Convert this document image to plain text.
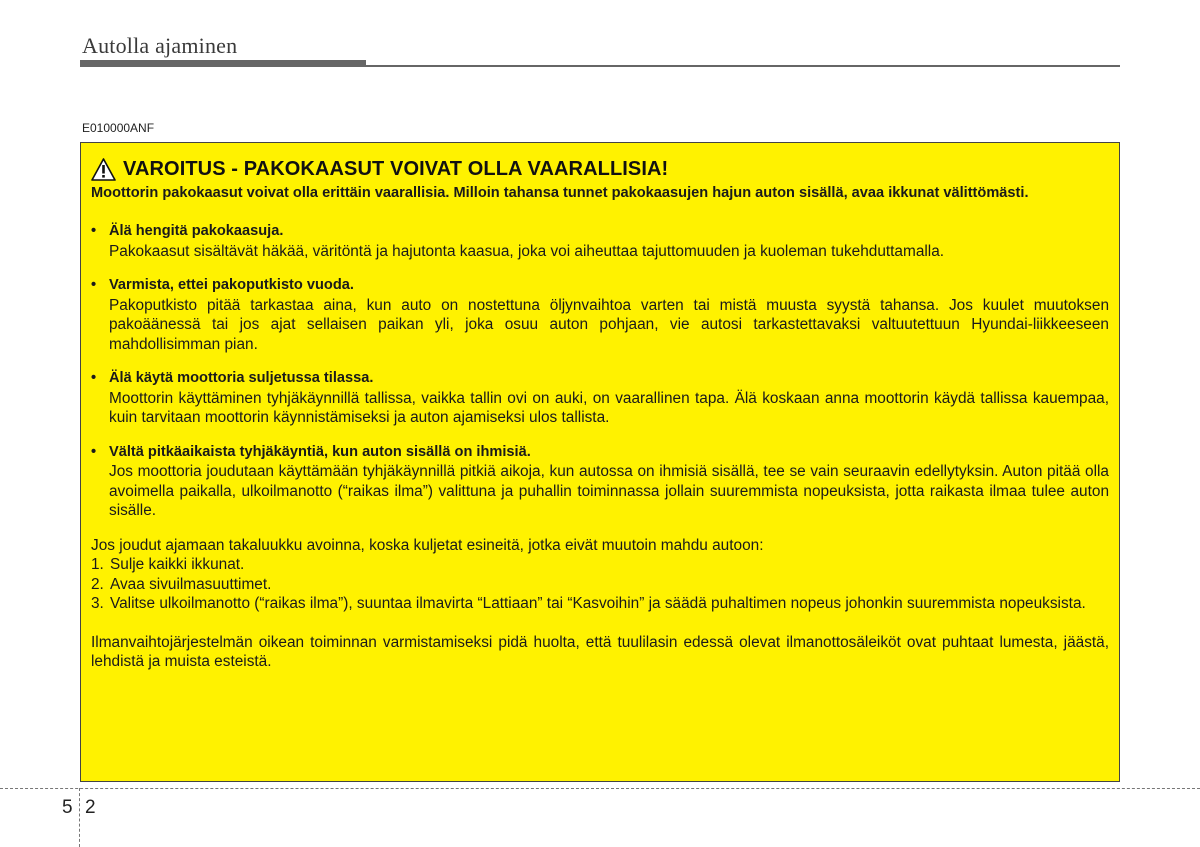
Autolla ajaminen
E010000ANF
VAROITUS - PAKOKAASUT VOIVAT OLLA VAARALLISIA!

Moottorin pakokaasut voivat olla erittäin vaarallisia. Milloin tahansa tunnet pakokaasujen hajun auton sisällä, avaa ikkunat välittömästi.

• Älä hengitä pakokaasuja.
Pakokaasut sisältävät häkää, väritöntä ja hajutonta kaasua, joka voi aiheuttaa tajuttomuuden ja kuoleman tukehduttamalla.
• Varmista, ettei pakoputkisto vuoda.
Pakoputkisto pitää tarkastaa aina, kun auto on nostettuna öljynvaihtoa varten tai mistä muusta syystä tahansa. Jos kuulet muutoksen pakoäänessä tai jos ajat sellaisen paikan yli, joka osuu auton pohjaan, vie autosi tarkastettavaksi valtuutettuun Hyundai-liikkeeseen mahdollisimman pian.
• Älä käytä moottoria suljetussa tilassa.
Moottorin käyttäminen tyhjäkäynnillä tallissa, vaikka tallin ovi on auki, on vaarallinen tapa. Älä koskaan anna moottorin käydä tallissa kauempaa, kuin tarvitaan moottorin käynnistämiseksi ja auton ajamiseksi ulos tallista.
• Vältä pitkäaikaista tyhjäkäyntiä, kun auton sisällä on ihmisiä.
Jos moottoria joudutaan käyttämään tyhjäkäynnillä pitkiä aikoja, kun autossa on ihmisiä sisällä, tee se vain seuraavin edellytyksin. Auton pitää olla avoimella paikalla, ulkoilmanotto (“raikas ilma”) valittuna ja puhallin toiminnassa jollain suuremmista nopeuksista, jotta raikasta ilmaa tulee auton sisälle.

Jos joudut ajamaan takaluukku avoinna, koska kuljetat esineitä, jotka eivät muutoin mahdu autoon:

1. Sulje kaikki ikkunat.
2. Avaa sivuilmasuuttimet.
3. Valitse ulkoilmanotto (“raikas ilma”), suuntaa ilmavirta “Lattiaan” tai “Kasvoihin” ja säädä puhaltimen nopeus johonkin suuremmista nopeuksista.

Ilmanvaihtojärjestelmän oikean toiminnan varmistamiseksi pidä huolta, että tuulilasin edessä olevat ilmanottosäleiköt ovat puhtaat lumesta, jäästä, lehdistä ja muista esteistä.

5 2
